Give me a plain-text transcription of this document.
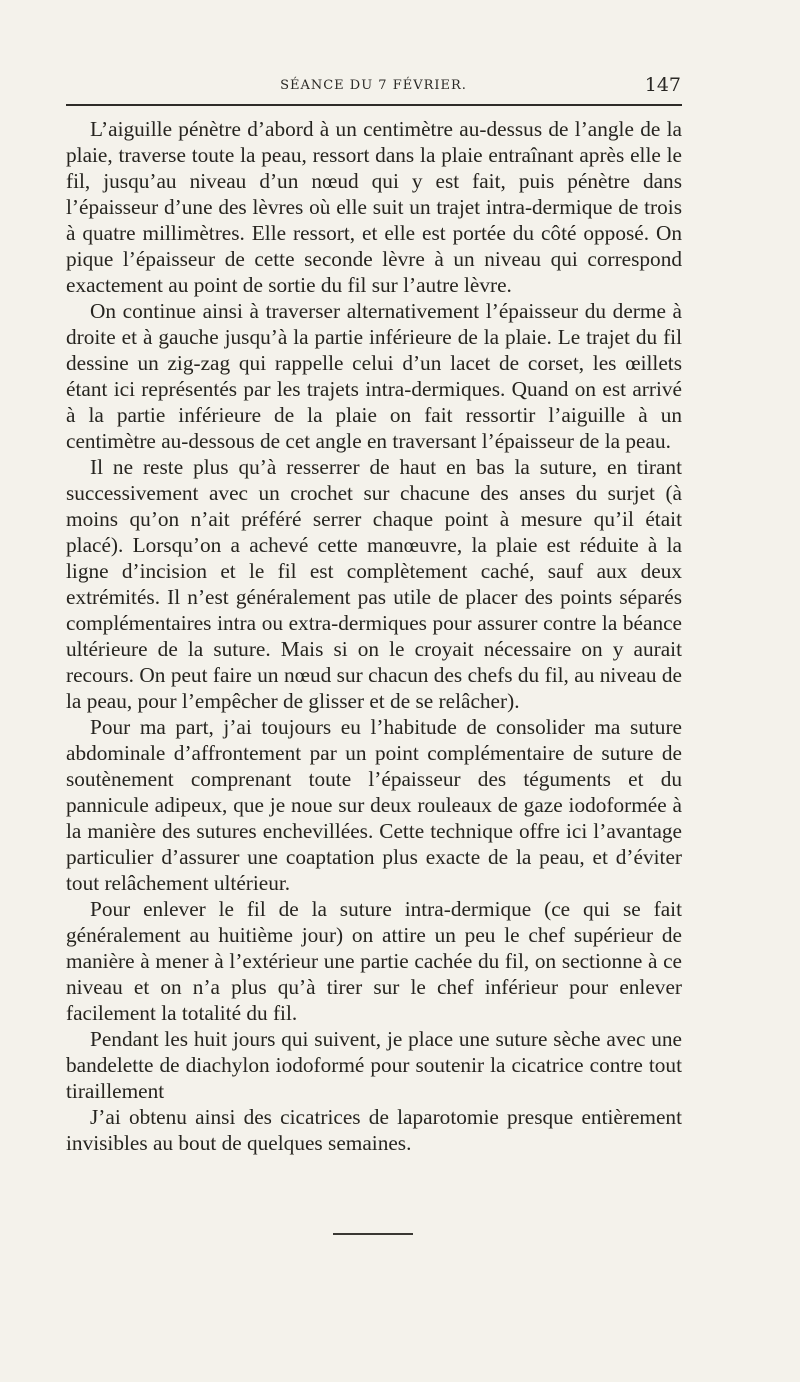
SÉANCE DU 7 FÉVRIER.	147

L’aiguille pénètre d’abord à un centimètre au-dessus de l’angle de la plaie, traverse toute la peau, ressort dans la plaie entraînant après elle le fil, jusqu’au niveau d’un nœud qui y est fait, puis pénètre dans l’épaisseur d’une des lèvres où elle suit un trajet intra-dermique de trois à quatre millimètres. Elle ressort, et elle est portée du côté opposé. On pique l’épaisseur de cette seconde lèvre à un niveau qui correspond exactement au point de sortie du fil sur l’autre lèvre.

On continue ainsi à traverser alternativement l’épaisseur du derme à droite et à gauche jusqu’à la partie inférieure de la plaie. Le trajet du fil dessine un zig-zag qui rappelle celui d’un lacet de corset, les œillets étant ici représentés par les trajets intra-dermiques. Quand on est arrivé à la partie inférieure de la plaie on fait ressortir l’aiguille à un centimètre au-dessous de cet angle en traversant l’épaisseur de la peau.

Il ne reste plus qu’à resserrer de haut en bas la suture, en tirant successivement avec un crochet sur chacune des anses du surjet (à moins qu’on n’ait préféré serrer chaque point à mesure qu’il était placé). Lorsqu’on a achevé cette manœuvre, la plaie est réduite à la ligne d’incision et le fil est complètement caché, sauf aux deux extrémités. Il n’est généralement pas utile de placer des points séparés complémentaires intra ou extra-dermiques pour assurer contre la béance ultérieure de la suture. Mais si on le croyait nécessaire on y aurait recours. On peut faire un nœud sur chacun des chefs du fil, au niveau de la peau, pour l’empêcher de glisser et de se relâcher).

Pour ma part, j’ai toujours eu l’habitude de consolider ma suture abdominale d’affrontement par un point complémentaire de suture de soutènement comprenant toute l’épaisseur des téguments et du pannicule adipeux, que je noue sur deux rouleaux de gaze iodoformée à la manière des sutures enchevillées. Cette technique offre ici l’avantage particulier d’assurer une coaptation plus exacte de la peau, et d’éviter tout relâchement ultérieur.

Pour enlever le fil de la suture intra-dermique (ce qui se fait généralement au huitième jour) on attire un peu le chef supérieur de manière à mener à l’extérieur une partie cachée du fil, on sectionne à ce niveau et on n’a plus qu’à tirer sur le chef inférieur pour enlever facilement la totalité du fil.

Pendant les huit jours qui suivent, je place une suture sèche avec une bandelette de diachylon iodoformé pour soutenir la cicatrice contre tout tiraillement

J’ai obtenu ainsi des cicatrices de laparotomie presque entièrement invisibles au bout de quelques semaines.
